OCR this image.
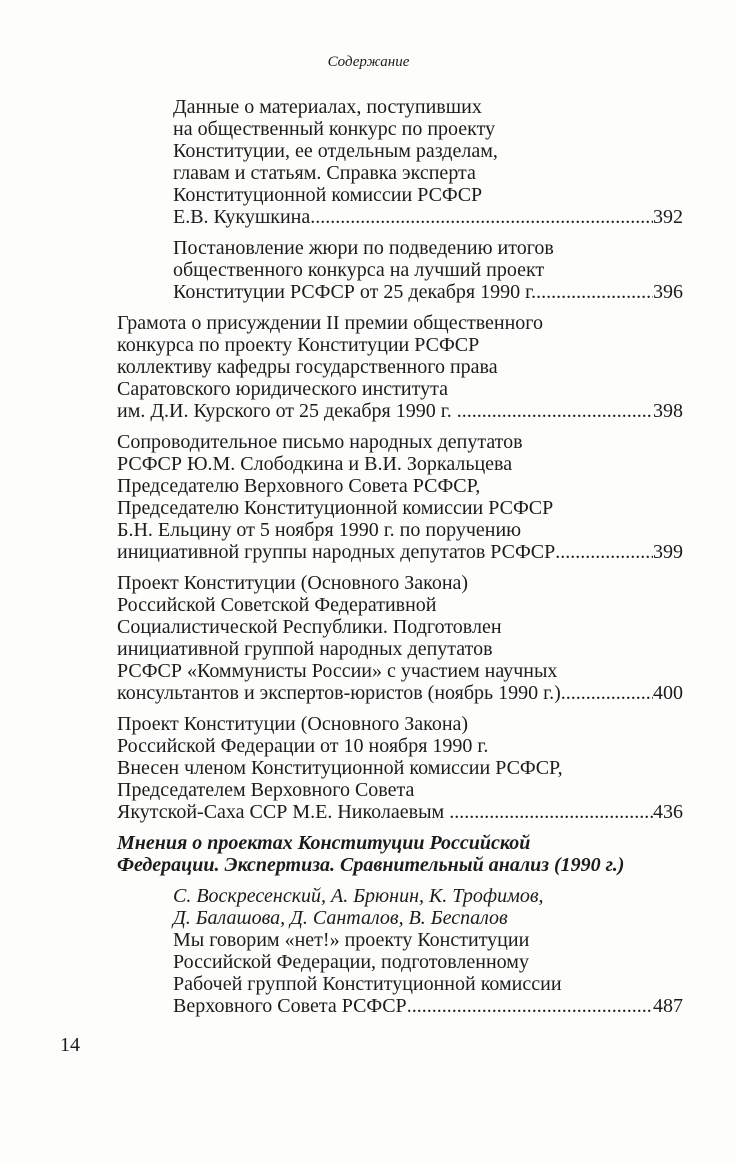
Содержание
Данные о материалах, поступивших
на общественный конкурс по проекту
Конституции, ее отдельным разделам,
главам и статьям. Справка эксперта
Конституционной комиссии РСФСР
Е.В. Кукушкина .....	392
Постановление жюри по подведению итогов
общественного конкурса на лучший проект
Конституции РСФСР от 25 декабря 1990 г. .....	396
Грамота о присуждении II премии общественного
конкурса по проекту Конституции РСФСР
коллективу кафедры государственного права
Саратовского юридического института
им. Д.И. Курского от 25 декабря 1990 г. .....	398
Сопроводительное письмо народных депутатов
РСФСР Ю.М. Слободкина и В.И. Зоркальцева
Председателю Верховного Совета РСФСР,
Председателю Конституционной комиссии РСФСР
Б.Н. Ельцину от 5 ноября 1990 г. по поручению
инициативной группы народных депутатов РСФСР .....	399
Проект Конституции (Основного Закона)
Российской Советской Федеративной
Социалистической Республики. Подготовлен
инициативной группой народных депутатов
РСФСР «Коммунисты России» с участием научных
консультантов и экспертов-юристов (ноябрь 1990 г.) .....	400
Проект Конституции (Основного Закона)
Российской Федерации от 10 ноября 1990 г.
Внесен членом Конституционной комиссии РСФСР,
Председателем Верховного Совета
Якутской-Саха ССР М.Е. Николаевым .....	436
Мнения о проектах Конституции Российской
Федерации. Экспертиза. Сравнительный анализ (1990 г.)
С. Воскресенский, А. Брюнин, К. Трофимов,
Д. Балашова, Д. Санталов, В. Беспалов
Мы говорим «нет!» проекту Конституции
Российской Федерации, подготовленному
Рабочей группой Конституционной комиссии
Верховного Совета РСФСР .....	487
14
